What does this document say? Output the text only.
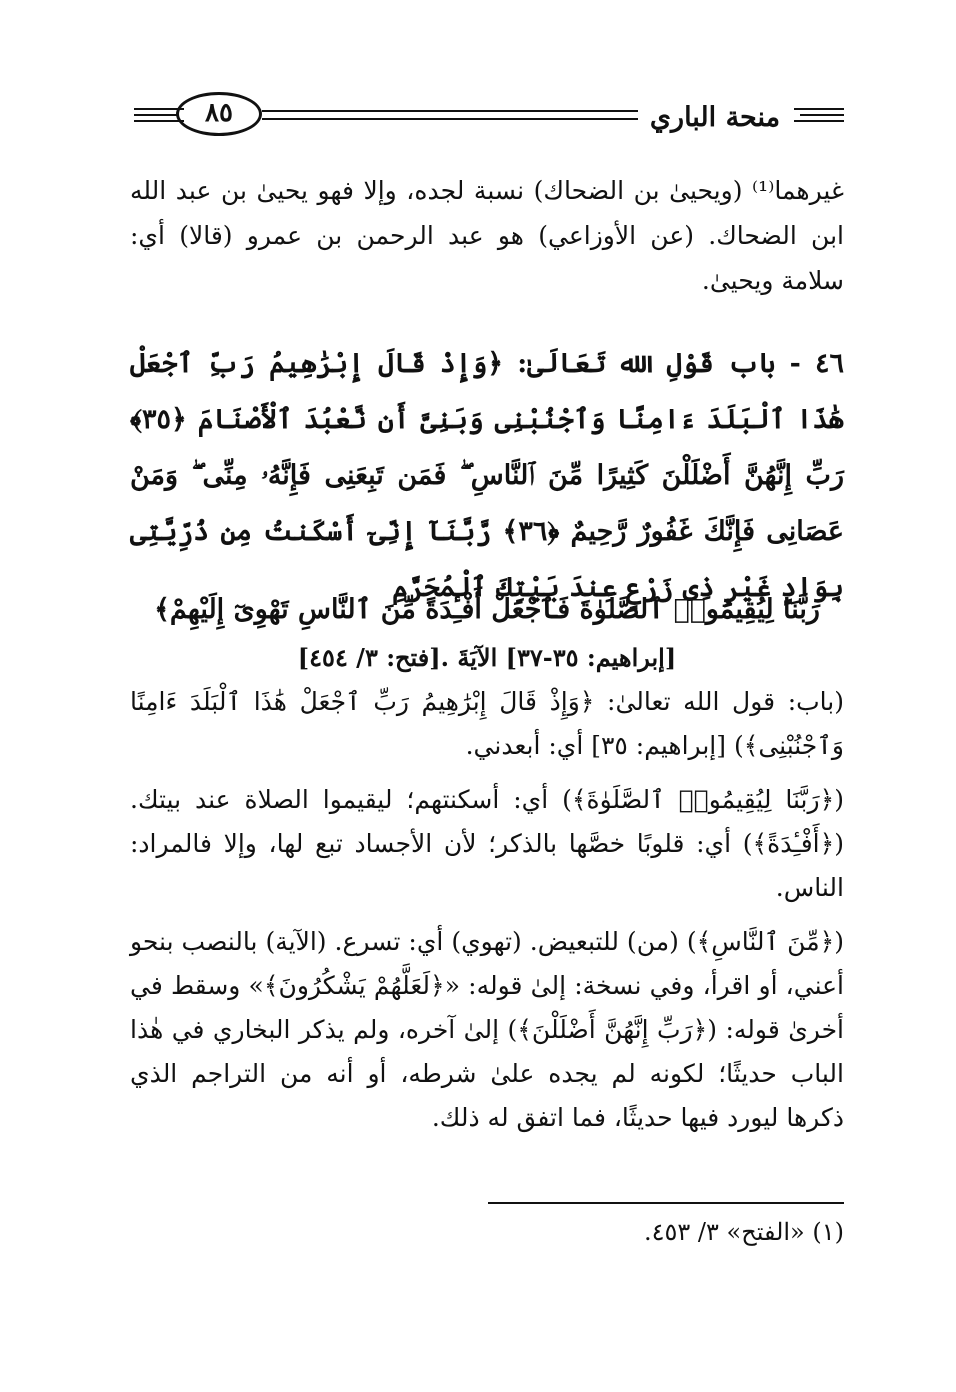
منحة الباري
٨٥
غيرهما⁽¹⁾ (ويحيىٰ بن الضحاك) نسبة لجده، وإلا فهو يحيىٰ بن عبد الله ابن الضحاك. (عن الأوزاعي) هو عبد الرحمن بن عمرو (قالا) أي: سلامة ويحيىٰ.
٤٦ - باب قَوْلِ الله تَعَالَىٰ: ﴿وَإِذْ قَالَ إِبْرَٰهِيمُ رَبِّ ٱجْعَلْ هَٰذَا ٱلْبَلَدَ ءَامِنًا وَٱجْنُبْنِى وَبَنِىَّ أَن نَّعْبُدَ ٱلْأَصْنَامَ ﴿٣٥﴾ رَبِّ إِنَّهُنَّ أَضْلَلْنَ كَثِيرًا مِّنَ ٱلنَّاسِ ۖ فَمَن تَبِعَنِى فَإِنَّهُۥ مِنِّى ۖ وَمَنْ عَصَانِى فَإِنَّكَ غَفُورٌ رَّحِيمٌ ﴿٣٦﴾ رَّبَّنَآ إِنِّىٓ أَسْكَنتُ مِن ذُرِّيَّتِى بِوَادٍ غَيْرِ ذِى زَرْعٍ عِندَ بَيْتِكَ ٱلْمُحَرَّمِ
رَبَّنَا لِيُقِيمُوا۟ ٱلصَّلَوٰةَ فَٱجْعَلْ أَفْـِٔدَةً مِّنَ ٱلنَّاسِ تَهْوِىٓ إِلَيْهِمْ﴾
[إبراهيم: ٣٥-٣٧] الآيَةَ .[فتح: ٣/ ٤٥٤]

(باب: قول الله تعالىٰ: ﴿وَإِذْ قَالَ إِبْرَٰهِيمُ رَبِّ ٱجْعَلْ هَٰذَا ٱلْبَلَدَ ءَامِنًا وَٱجْنُبْنِى﴾) [إبراهيم: ٣٥] أي: أبعدني.

(﴿رَبَّنَا لِيُقِيمُوا۟ ٱلصَّلَوٰةَ﴾) أي: أسكنتهم؛ ليقيموا الصلاة عند بيتك. (﴿أَفْـِٔدَةً﴾) أي: قلوبًا خصَّها بالذكر؛ لأن الأجساد تبع لها، وإلا فالمراد: الناس.

(﴿مِّنَ ٱلنَّاسِ﴾) (من) للتبعيض. (تهوي) أي: تسرع. (الآية) بالنصب بنحو أعني، أو اقرأ، وفي نسخة: إلىٰ قوله: «﴿لَعَلَّهُمْ يَشْكُرُونَ﴾» وسقط في أخرىٰ قوله: (﴿رَبِّ إِنَّهُنَّ أَضْلَلْنَ﴾) إلىٰ آخره، ولم يذكر البخاري في هٰذا الباب حديثًا؛ لكونه لم يجده علىٰ شرطه، أو أنه من التراجم الذي ذكرها ليورد فيها حديثًا، فما اتفق له ذلك.

(١) «الفتح» ٣/ ٤٥٣.
